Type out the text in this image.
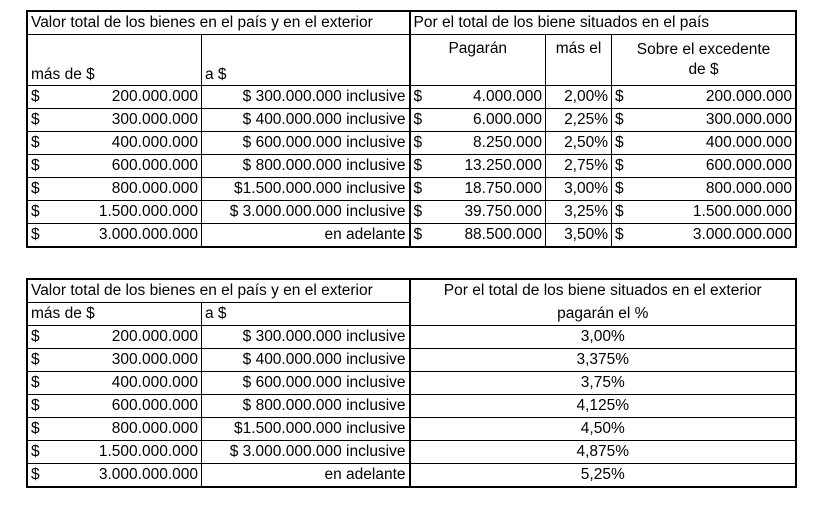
Valor total de los bienes en el país y en el exterior			Por el total de los biene situados en el país				
más de $		a $	Pagarán		más el	Sobre el excedente
de $	
$	200.000.000	$ 300.000.000 inclusive	$	4.000.000	2,00%	$	200.000.000
$	300.000.000	$ 400.000.000 inclusive	$	6.000.000	2,25%	$	300.000.000
$	400.000.000	$ 600.000.000 inclusive	$	8.250.000	2,50%	$	400.000.000
$	600.000.000	$ 800.000.000 inclusive	$	13.250.000	2,75%	$	600.000.000
$	800.000.000	$1.500.000.000 inclusive	$	18.750.000	3,00%	$	800.000.000
$	1.500.000.000	$ 3.000.000.000 inclusive	$	39.750.000	3,25%	$	1.500.000.000
$	3.000.000.000	en adelante	$	88.500.000	3,50%	$	3.000.000.000
Valor total de los bienes en el país y en el exterior			Por el total de los biene situados en el exterior
más de $		a $	pagarán el %
$	200.000.000	$ 300.000.000 inclusive	3,00%
$	300.000.000	$ 400.000.000 inclusive	3,375%
$	400.000.000	$ 600.000.000 inclusive	3,75%
$	600.000.000	$ 800.000.000 inclusive	4,125%
$	800.000.000	$1.500.000.000 inclusive	4,50%
$	1.500.000.000	$ 3.000.000.000 inclusive	4,875%
$	3.000.000.000	en adelante	5,25%
